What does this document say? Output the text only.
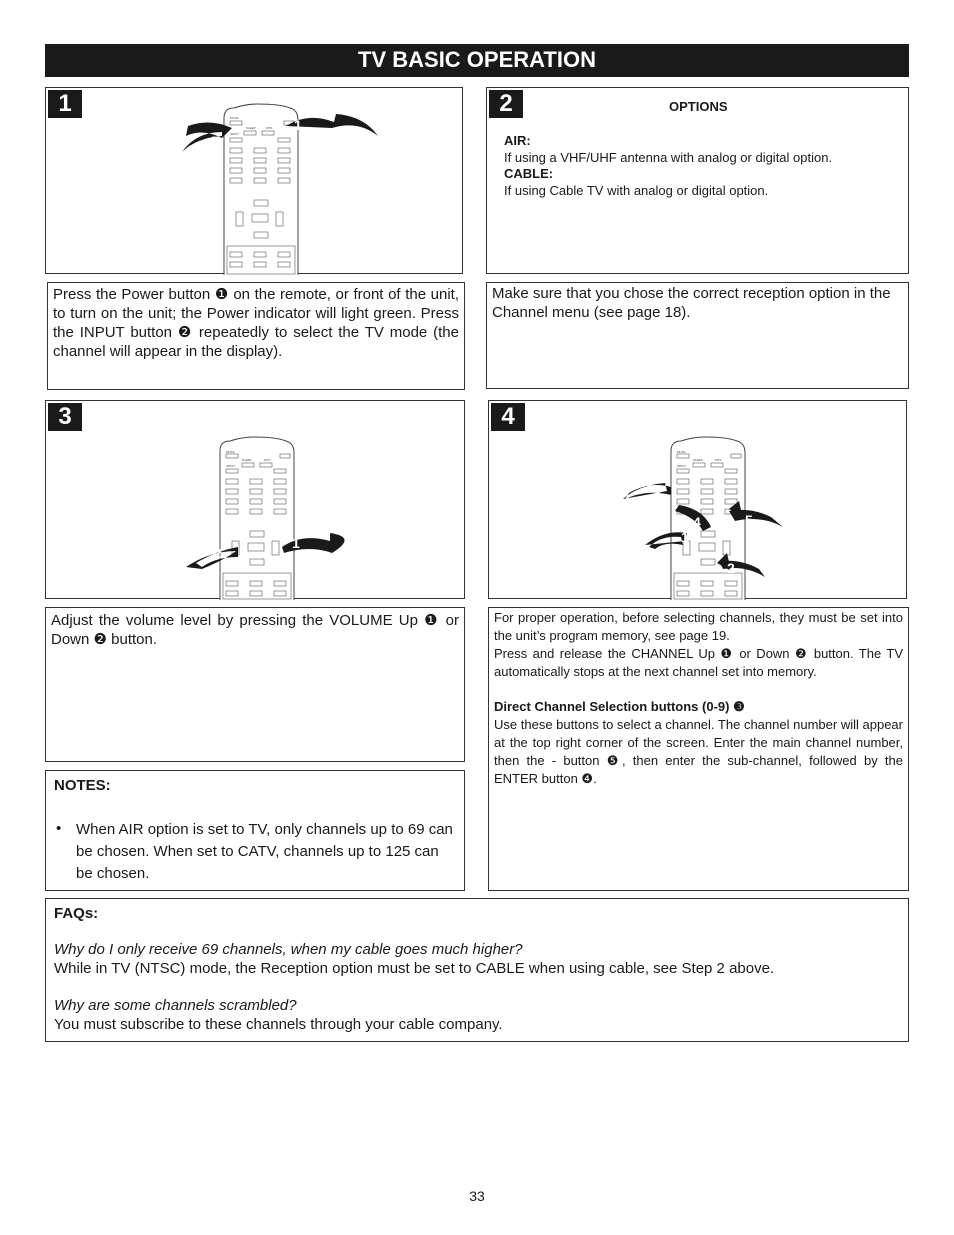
TV BASIC OPERATION
1
MUTE
SLEEP	MTS
INPUT
1
2
2	OPTIONS
AIR:
If using a VHF/UHF antenna with analog or digital option.
CABLE:
If using Cable TV with analog or digital option.
Press the Power button ❶ on the remote, or front of the unit, to turn on the unit; the Power indicator will light green. Press the INPUT button ❷ repeatedly to select the TV mode (the channel will appear in the display).
Make sure that you chose the correct reception option in the Channel menu (see page 18).
3
MUTE
SLEEP	MTS
INPUT
1
2
4
MUTE
SLEEP	MTS
INPUT
3
4	5
1
2
Adjust the volume level by pressing the VOLUME Up ❶ or Down ❷ button.
For proper operation, before selecting channels, they must be set into the unit’s program memory, see page 19.
Press and release the CHANNEL Up ❶ or Down ❷ button. The TV automatically stops at the next channel set into memory.
Direct Channel Selection buttons (0-9) ❸
Use these buttons to select a channel. The channel number will appear at the top right corner of the screen. Enter the main channel number, then the - button ❺, then enter the sub-channel, followed by the ENTER button ❹.
NOTES:
• When AIR option is set to TV, only channels up to 69 can be chosen. When set to CATV, channels up to 125 can be chosen.
FAQs:
Why do I only receive 69 channels, when my cable goes much higher?
While in TV (NTSC) mode, the Reception option must be set to CABLE when using cable, see Step 2 above.
Why are some channels scrambled?
You must subscribe to these channels through your cable company.
33
